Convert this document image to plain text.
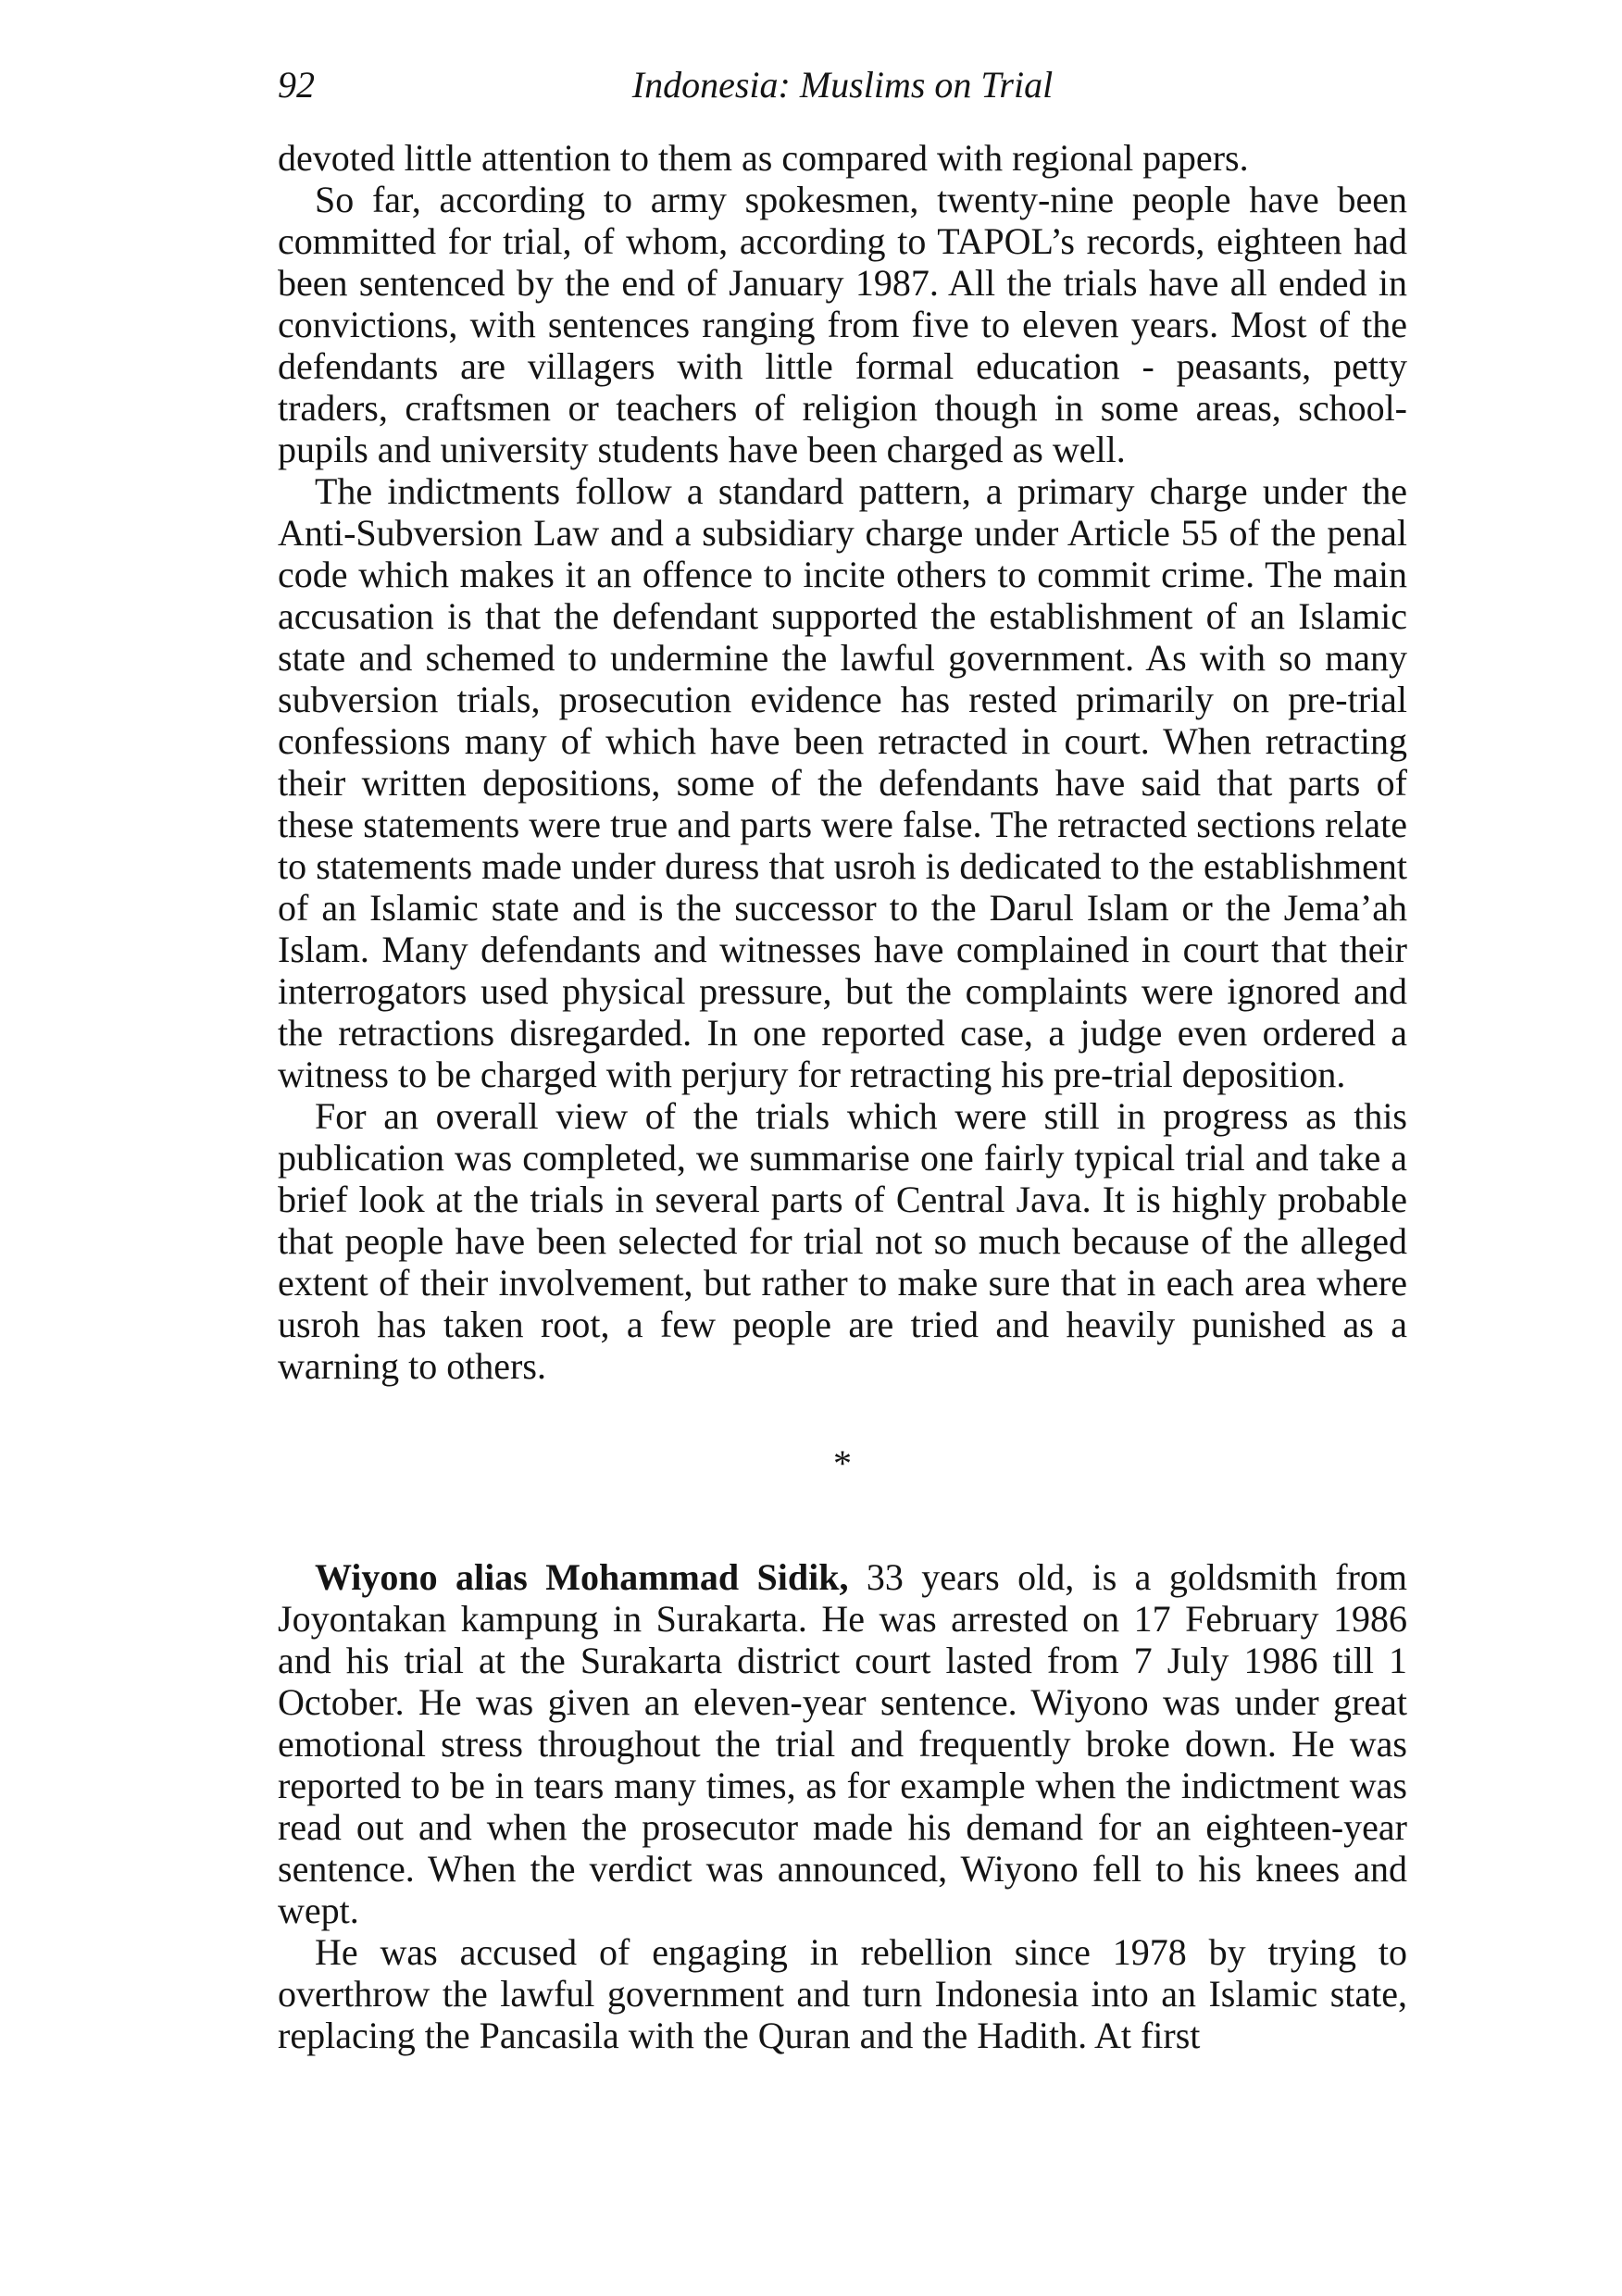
92	Indonesia: Muslims on Trial

devoted little attention to them as compared with regional papers.

So far, according to army spokesmen, twenty-nine people have been committed for trial, of whom, according to TAPOL’s records, eighteen had been sentenced by the end of January 1987. All the trials have all ended in convictions, with sentences ranging from five to eleven years. Most of the defendants are villagers with little formal education - peasants, petty traders, craftsmen or teachers of religion though in some areas, school-pupils and university students have been charged as well.

The indictments follow a standard pattern, a primary charge under the Anti-Subversion Law and a subsidiary charge under Article 55 of the penal code which makes it an offence to incite others to commit crime. The main accusation is that the defendant supported the establishment of an Islamic state and schemed to undermine the lawful government. As with so many subversion trials, prosecution evidence has rested primarily on pre-trial confessions many of which have been retracted in court. When retracting their written depositions, some of the defendants have said that parts of these statements were true and parts were false. The retracted sections relate to statements made under duress that usroh is dedicated to the establishment of an Islamic state and is the successor to the Darul Islam or the Jema’ah Islam. Many defendants and witnesses have complained in court that their interrogators used physical pressure, but the complaints were ignored and the retractions disregarded. In one reported case, a judge even ordered a witness to be charged with perjury for retracting his pre-trial deposition.

For an overall view of the trials which were still in progress as this publication was completed, we summarise one fairly typical trial and take a brief look at the trials in several parts of Central Java. It is highly probable that people have been selected for trial not so much because of the alleged extent of their involvement, but rather to make sure that in each area where usroh has taken root, a few people are tried and heavily punished as a warning to others.

*

Wiyono alias Mohammad Sidik, 33 years old, is a goldsmith from Joyontakan kampung in Surakarta. He was arrested on 17 February 1986 and his trial at the Surakarta district court lasted from 7 July 1986 till 1 October. He was given an eleven-year sentence. Wiyono was under great emotional stress throughout the trial and frequently broke down. He was reported to be in tears many times, as for example when the indictment was read out and when the prosecutor made his demand for an eighteen-year sentence. When the verdict was announced, Wiyono fell to his knees and wept.

He was accused of engaging in rebellion since 1978 by trying to overthrow the lawful government and turn Indonesia into an Islamic state, replacing the Pancasila with the Quran and the Hadith. At first
